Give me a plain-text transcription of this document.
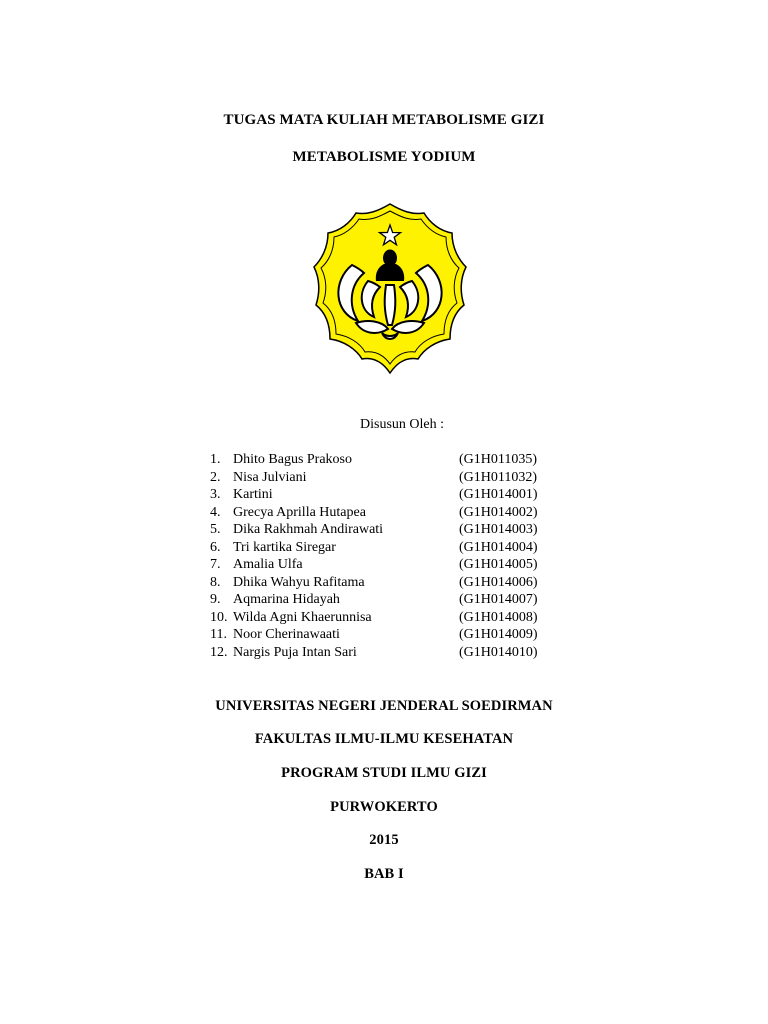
TUGAS MATA KULIAH METABOLISME GIZI
METABOLISME YODIUM
Disusun Oleh :
1. Dhito Bagus Prakoso	(G1H011035)
2. Nisa Julviani	(G1H011032)
3. Kartini	(G1H014001)
4. Grecya Aprilla Hutapea	(G1H014002)
5. Dika Rakhmah Andirawati	(G1H014003)
6. Tri kartika Siregar	(G1H014004)
7. Amalia Ulfa	(G1H014005)
8. Dhika Wahyu Rafitama	(G1H014006)
9. Aqmarina Hidayah	(G1H014007)
10. Wilda Agni Khaerunnisa	(G1H014008)
11. Noor Cherinawaati	(G1H014009)
12. Nargis Puja Intan Sari	(G1H014010)
UNIVERSITAS NEGERI JENDERAL SOEDIRMAN
FAKULTAS ILMU-ILMU KESEHATAN
PROGRAM STUDI ILMU GIZI
PURWOKERTO
2015
BAB I
